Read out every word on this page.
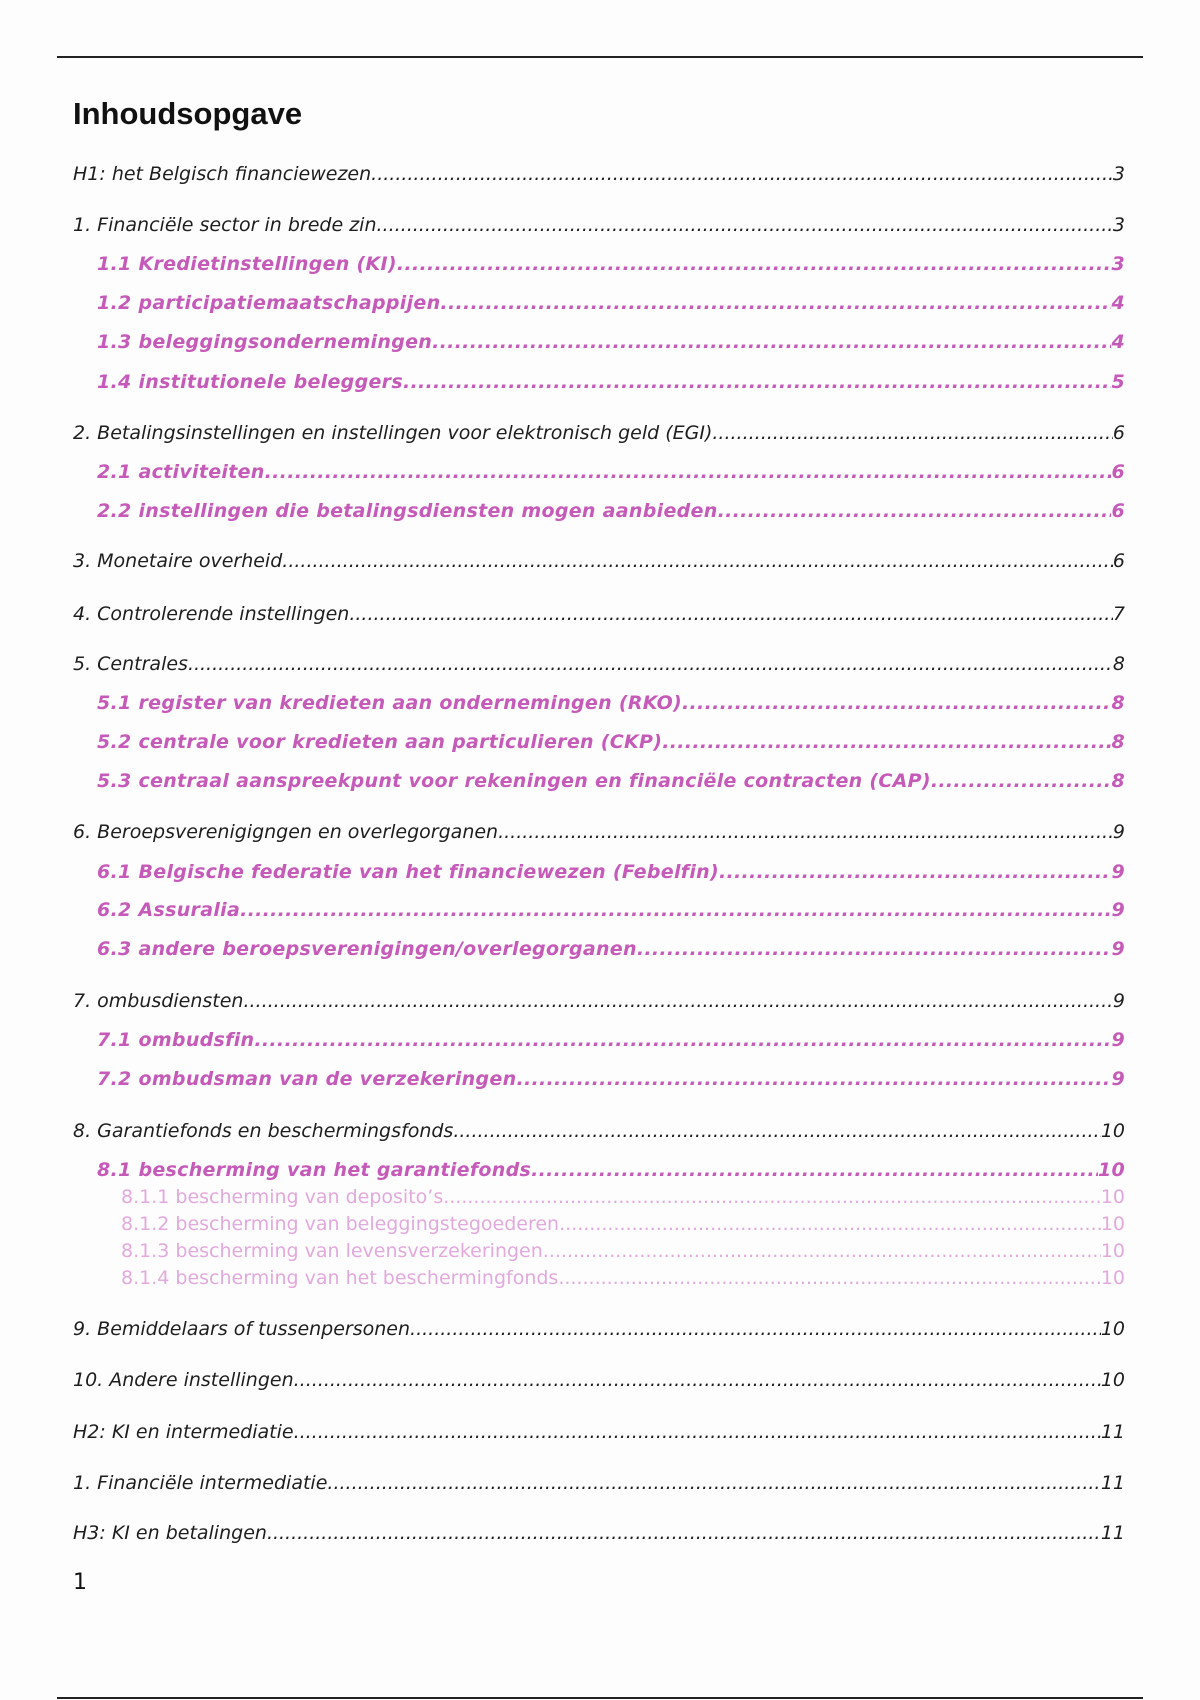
Inhoudsopgave
H1: het Belgisch financiewezen .....	3
1. Financiële sector in brede zin .....	3
1.1 Kredietinstellingen (KI) .....	3
1.2 participatiemaatschappijen .....	4
1.3 beleggingsondernemingen .....	4
1.4 institutionele beleggers .....	5
2. Betalingsinstellingen en instellingen voor elektronisch geld (EGI) .....	6
2.1 activiteiten .....	6
2.2 instellingen die betalingsdiensten mogen aanbieden .....	6
3. Monetaire overheid .....	6
4. Controlerende instellingen .....	7
5. Centrales .....	8
5.1 register van kredieten aan ondernemingen (RKO) .....	8
5.2 centrale voor kredieten aan particulieren (CKP) .....	8
5.3 centraal aanspreekpunt voor rekeningen en financiële contracten (CAP) .....	8
6. Beroepsverenigigngen en overlegorganen .....	9
6.1 Belgische federatie van het financiewezen (Febelfin) .....	9
6.2 Assuralia .....	9
6.3 andere beroepsverenigingen/overlegorganen .....	9
7. ombusdiensten .....	9
7.1 ombudsfin .....	9
7.2 ombudsman van de verzekeringen .....	9
8. Garantiefonds en beschermingsfonds .....	10
8.1 bescherming van het garantiefonds .....	10
8.1.1 bescherming van deposito’s .....	10
8.1.2 bescherming van beleggingstegoederen .....	10
8.1.3 bescherming van levensverzekeringen .....	10
8.1.4 bescherming van het beschermingfonds .....	10
9. Bemiddelaars of tussenpersonen .....	10
10. Andere instellingen .....	10
H2: KI en intermediatie .....	11
1. Financiële intermediatie .....	11
H3: KI en betalingen .....	11
1
